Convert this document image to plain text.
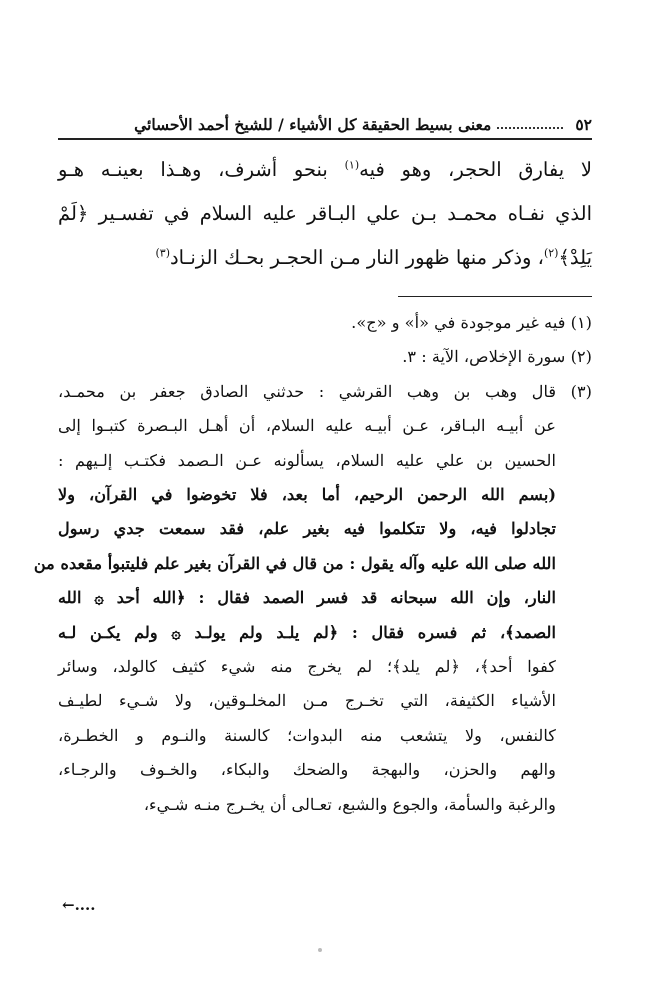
٥٢
معنى بسيط الحقيقة كل الأشياء / للشيخ أحمد الأحسائي
لا يفارق الحجر، وهو فيه$^{(١)}$ بنحو أشرف، وهـذا بعينـه هـو
الذي نفـاه محمـد بـن علي البـاقر عليه السلام في تفسـير ﴿لَمْ
يَلِدْ﴾$^{(٢)}$، وذكر منها ظهور النار مـن الحجـر بحـك الزنـاد$^{(٣)}$
(١) فيه غير موجودة في «أ» و «ج».
(٢) سورة الإخلاص، الآية : ٣.
(٣) قال وهب بن وهب القرشي : حدثني الصادق جعفر بن محمـد،
عن أبيـه البـاقر، عـن أبيـه عليه السلام، أن أهـل البـصرة كتبـوا إلى
الحسين بن علي عليه السلام، يسألونه عـن الـصمد فكتـب إلـيهم :
(بسم الله الرحمن الرحيم، أما بعد، فلا تخوضوا في القرآن، ولا
تجادلوا فيه، ولا تتكلموا فيه بغير علم، فقد سمعت جدي رسول
الله صلى الله عليه وآله يقول : من قال في القرآن بغير علم فليتبوأ مقعده من
النار، وإن الله سبحانه قد فسر الصمد فقال : ﴿الله أحد ۞ الله
الصمد﴾، ثم فسره فقال : ﴿لم يلـد ولم يولـد ۞ ولم يكـن لـه
كفوا أحد﴾، ﴿لم يلد﴾؛ لم يخرج منه شيء كثيف كالولد، وسائر
الأشياء الكثيفة، التي تخـرج مـن المخلـوقين، ولا شـيء لطيـف
كالنفس، ولا يتشعب منه البدوات؛ كالسنة والنـوم و الخطـرة،
والهم والحزن، والبهجة والضحك والبكاء، والخـوف والرجـاء،
والرغبة والسأمة، والجوع والشبع، تعـالى أن يخـرج منـه شـيء،
←....
